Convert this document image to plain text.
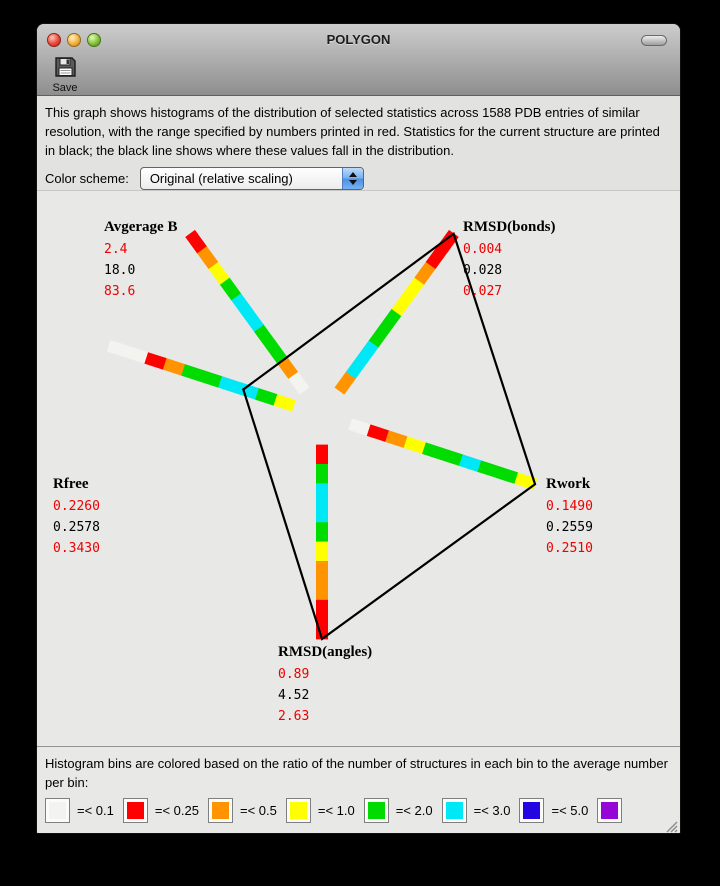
POLYGON
Save

This graph shows histograms of the distribution of selected statistics across 1588 PDB entries of similar resolution, with the range specified by numbers printed in red. Statistics for the current structure are printed in black; the black line shows where these values fall in the distribution.

Color scheme: Original (relative scaling)
Avgerage B
2.4
18.0
83.6
RMSD(bonds)
0.004
0.028
0.027
Rwork
0.1490
0.2559
0.2510
RMSD(angles)
0.89
4.52
2.63
Rfree
0.2260
0.2578
0.3430

Histogram bins are colored based on the ratio of the number of structures in each bin to the average number per bin:

=< 0.1	=< 0.25	=< 0.5	=< 1.0	=< 2.0	=< 3.0	=< 5.0
